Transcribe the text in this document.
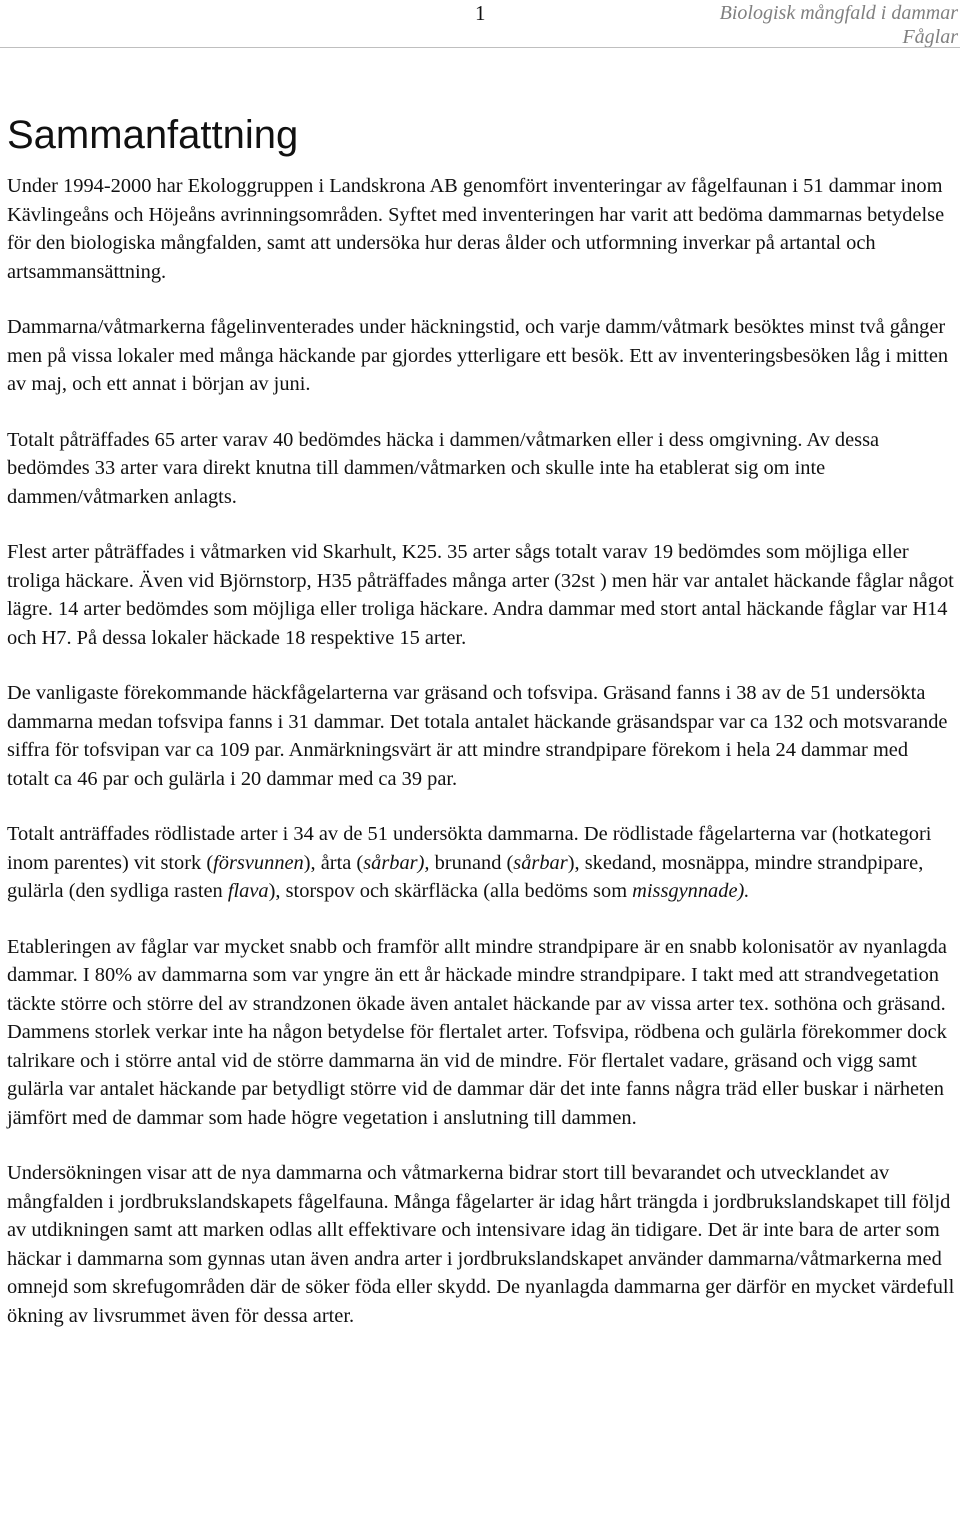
1	Biologisk mångfald i dammar
Fåglar
Sammanfattning

Under 1994-2000 har Ekologgruppen i Landskrona AB genomfört inventeringar av fågelfaunan i 51 dammar inom Kävlingeåns och Höjeåns avrinningsområden. Syftet med inventeringen har varit att bedöma dammarnas betydelse för den biologiska mångfalden, samt att undersöka hur deras ålder och utformning inverkar på artantal och artsammansättning.

Dammarna/våtmarkerna fågelinventerades under häckningstid, och varje damm/våtmark besöktes minst två gånger men på vissa lokaler med många häckande par gjordes ytterligare ett besök. Ett av inventeringsbesöken låg i mitten av maj, och ett annat i början av juni.

Totalt påträffades 65 arter varav 40 bedömdes häcka i dammen/våtmarken eller i dess omgivning. Av dessa bedömdes 33 arter vara direkt knutna till dammen/våtmarken och skulle inte ha etablerat sig om inte dammen/våtmarken anlagts.

Flest arter påträffades i våtmarken vid Skarhult, K25. 35 arter sågs totalt varav 19 bedömdes som möjliga eller troliga häckare. Även vid Björnstorp, H35 påträffades många arter (32st ) men här var antalet häckande fåglar något lägre. 14 arter bedömdes som möjliga eller troliga häckare. Andra dammar med stort antal häckande fåglar var H14 och H7. På dessa lokaler häckade 18 respektive 15 arter.

De vanligaste förekommande häckfågelarterna var gräsand och tofsvipa. Gräsand fanns i 38 av de 51 undersökta dammarna medan tofsvipa fanns i 31 dammar. Det totala antalet häckande gräsandspar var ca 132 och motsvarande siffra för tofsvipan var ca 109 par. Anmärkningsvärt är att mindre strandpipare förekom i hela 24 dammar med totalt ca 46 par och gulärla i 20 dammar med ca 39 par.

Totalt anträffades rödlistade arter i 34 av de 51 undersökta dammarna. De rödlistade fågelarterna var (hotkategori inom parentes) vit stork (försvunnen), årta (sårbar), brunand (sårbar), skedand, mosnäppa, mindre strandpipare, gulärla (den sydliga rasten flava), storspov och skärfläcka (alla bedöms som missgynnade).

Etableringen av fåglar var mycket snabb och framför allt mindre strandpipare är en snabb kolonisatör av nyanlagda dammar. I 80% av dammarna som var yngre än ett år häckade mindre strandpipare. I takt med att strandvegetation täckte större och större del av strandzonen ökade även antalet häckande par av vissa arter tex. sothöna och gräsand. Dammens storlek verkar inte ha någon betydelse för flertalet arter. Tofsvipa, rödbena och gulärla förekommer dock talrikare och i större antal vid de större dammarna än vid de mindre. För flertalet vadare, gräsand och vigg samt gulärla var antalet häckande par betydligt större vid de dammar där det inte fanns några träd eller buskar i närheten jämfört med de dammar som hade högre vegetation i anslutning till dammen.

Undersökningen visar att de nya dammarna och våtmarkerna bidrar stort till bevarandet och utvecklandet av mångfalden i jordbrukslandskapets fågelfauna. Många fågelarter är idag hårt trängda i jordbrukslandskapet till följd av utdikningen samt att marken odlas allt effektivare och intensivare idag än tidigare. Det är inte bara de arter som häckar i dammarna som gynnas utan även andra arter i jordbrukslandskapet använder dammarna/våtmarkerna med omnejd som skrefugområden där de söker föda eller skydd. De nyanlagda dammarna ger därför en mycket värdefull ökning av livsrummet även för dessa arter.
